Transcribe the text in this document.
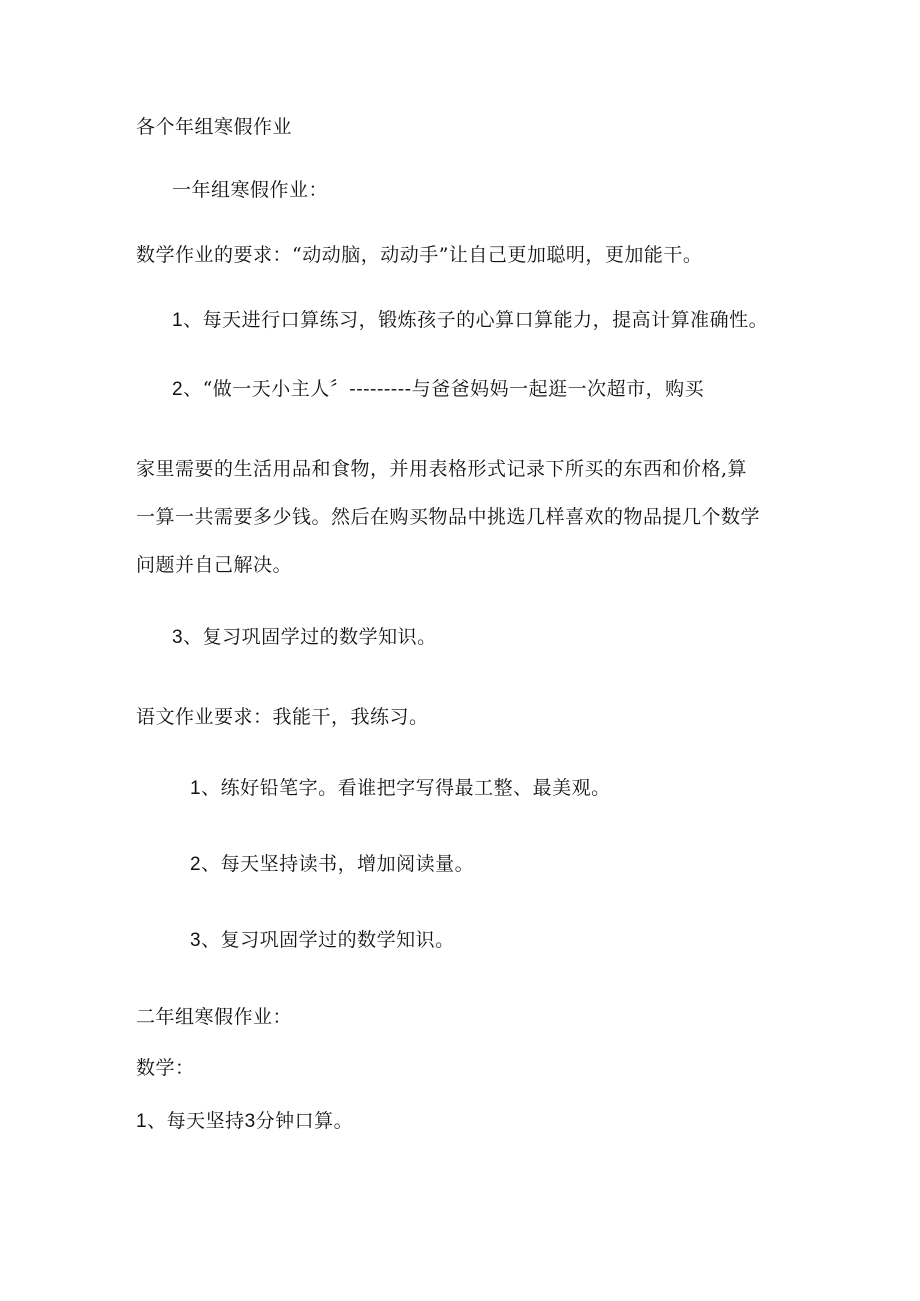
各个年组寒假作业
一年组寒假作业：
数学作业的要求：“动动脑，动动手”让自己更加聪明，更加能干。
1、每天进行口算练习，锻炼孩子的心算口算能力，提高计算准确性。
2、“做一天小主人〞---------与爸爸妈妈一起逛一次超市，购买
家里需要的生活用品和食物，并用表格形式记录下所买的东西和价格,算
一算一共需要多少钱。然后在购买物品中挑选几样喜欢的物品提几个数学
问题并自己解决。
3、复习巩固学过的数学知识。
语文作业要求：我能干，我练习。
1、练好铅笔字。看谁把字写得最工整、最美观。
2、每天坚持读书，增加阅读量。
3、复习巩固学过的数学知识。
二年组寒假作业：
数学：
1、每天坚持3分钟口算。
